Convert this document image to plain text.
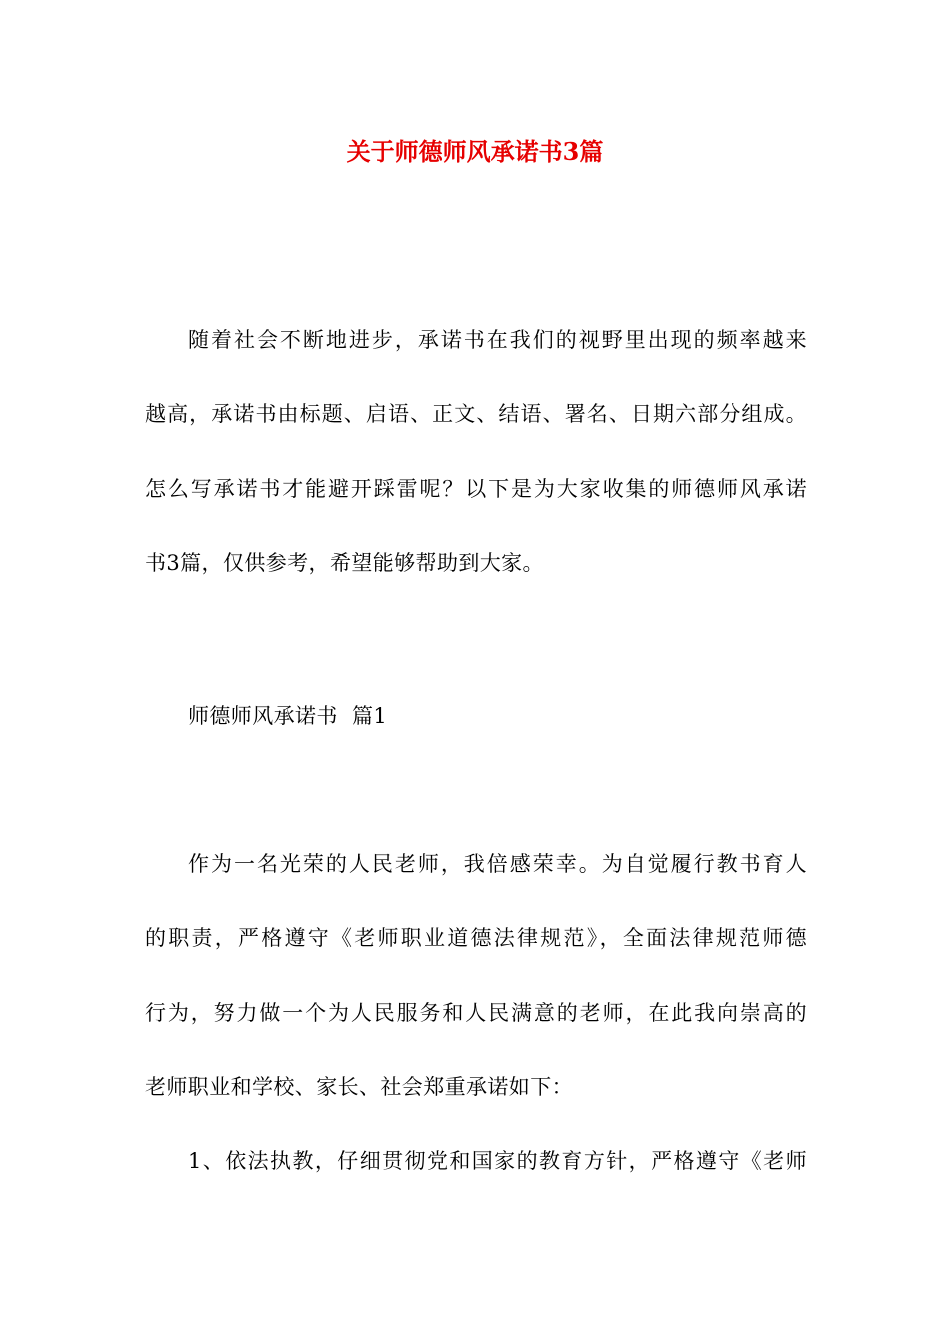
关于师德师风承诺书3篇
随着社会不断地进步，承诺书在我们的视野里出现的频率越来
越高，承诺书由标题、启语、正文、结语、署名、日期六部分组成。
怎么写承诺书才能避开踩雷呢？以下是为大家收集的师德师风承诺
书3篇，仅供参考，希望能够帮助到大家。
师德师风承诺书  篇1
作为一名光荣的人民老师，我倍感荣幸。为自觉履行教书育人
的职责，严格遵守《老师职业道德法律规范》，全面法律规范师德
行为，努力做一个为人民服务和人民满意的老师，在此我向崇高的
老师职业和学校、家长、社会郑重承诺如下：
1、依法执教，仔细贯彻党和国家的教育方针，严格遵守《老师
